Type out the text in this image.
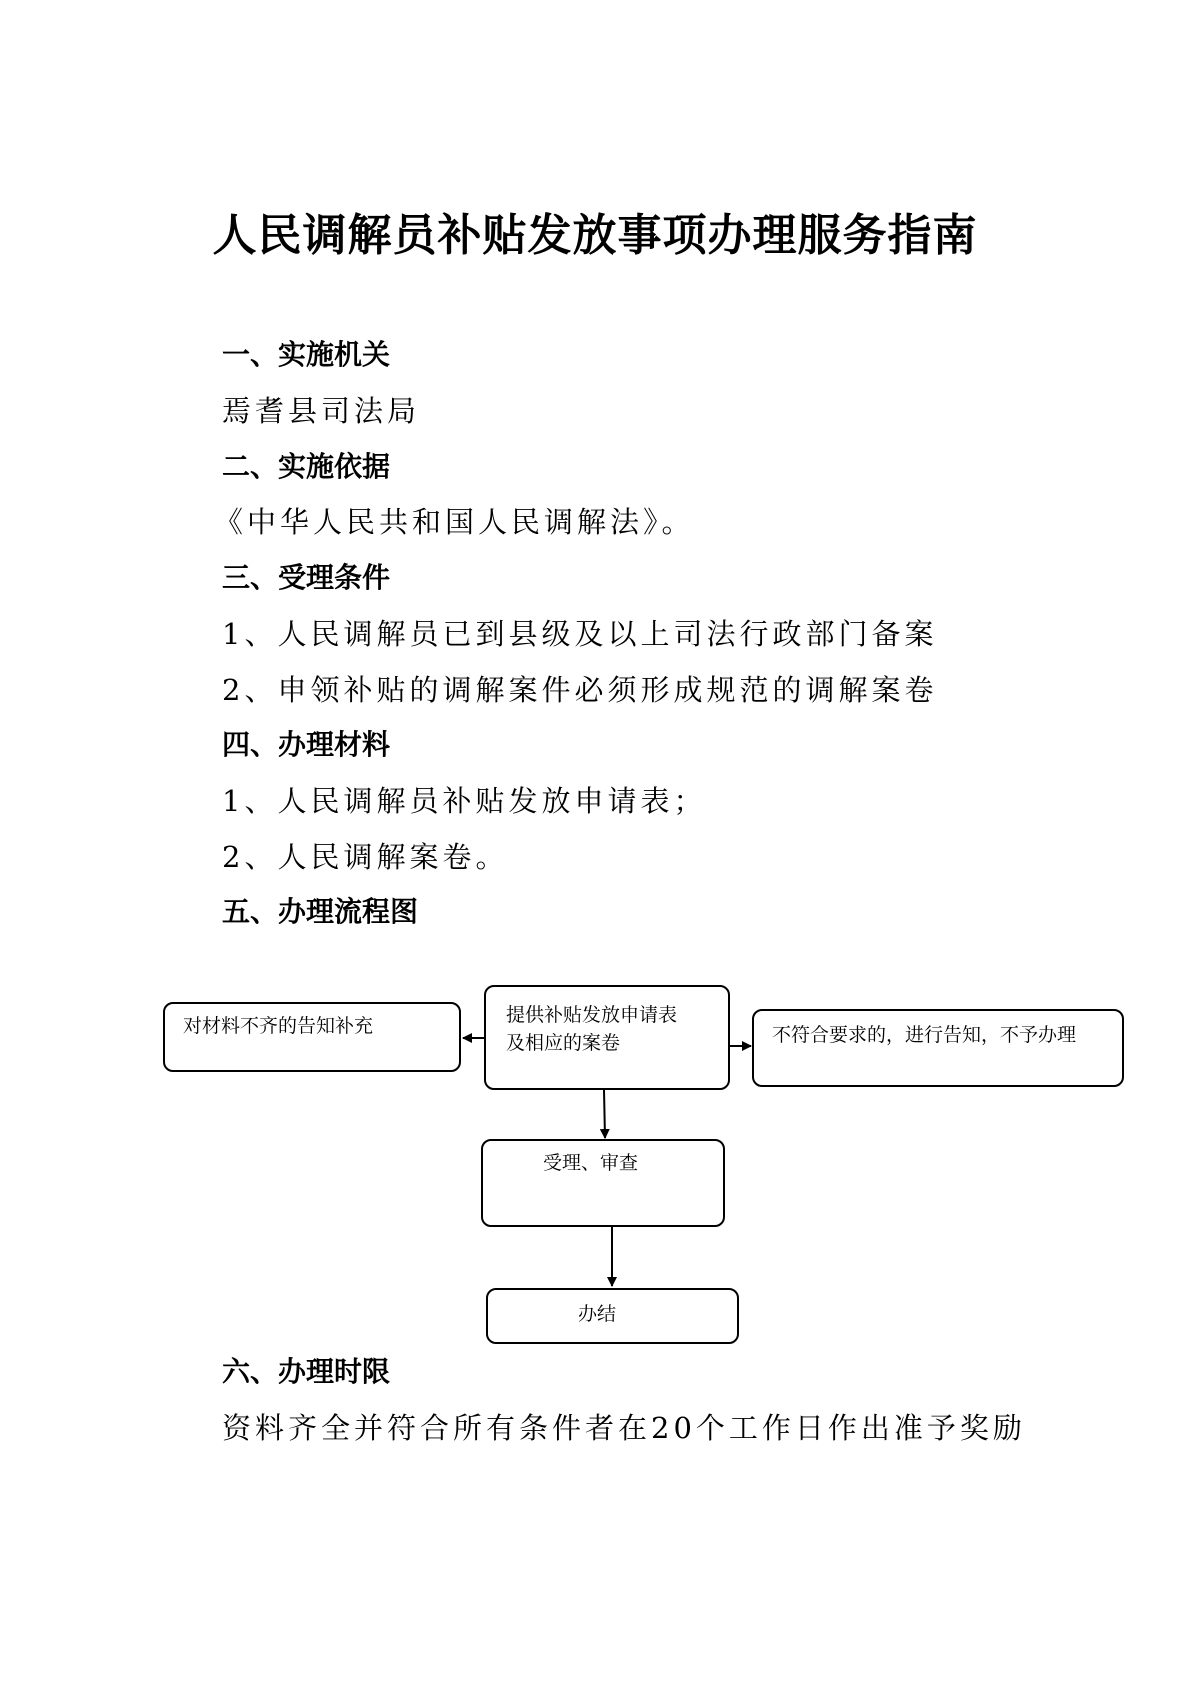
人民调解员补贴发放事项办理服务指南
一、实施机关
焉耆县司法局
二、实施依据
《中华人民共和国人民调解法》。
三、受理条件
1、人民调解员已到县级及以上司法行政部门备案
2、申领补贴的调解案件必须形成规范的调解案卷
四、办理材料
1、人民调解员补贴发放申请表；
2、人民调解案卷。
五、办理流程图
提供补贴发放申请表
及相应的案卷
对材料不齐的告知补充	不符合要求的，进行告知，不予办理
受理、审查
办结
六、办理时限
资料齐全并符合所有条件者在20个工作日作出准予奖励
